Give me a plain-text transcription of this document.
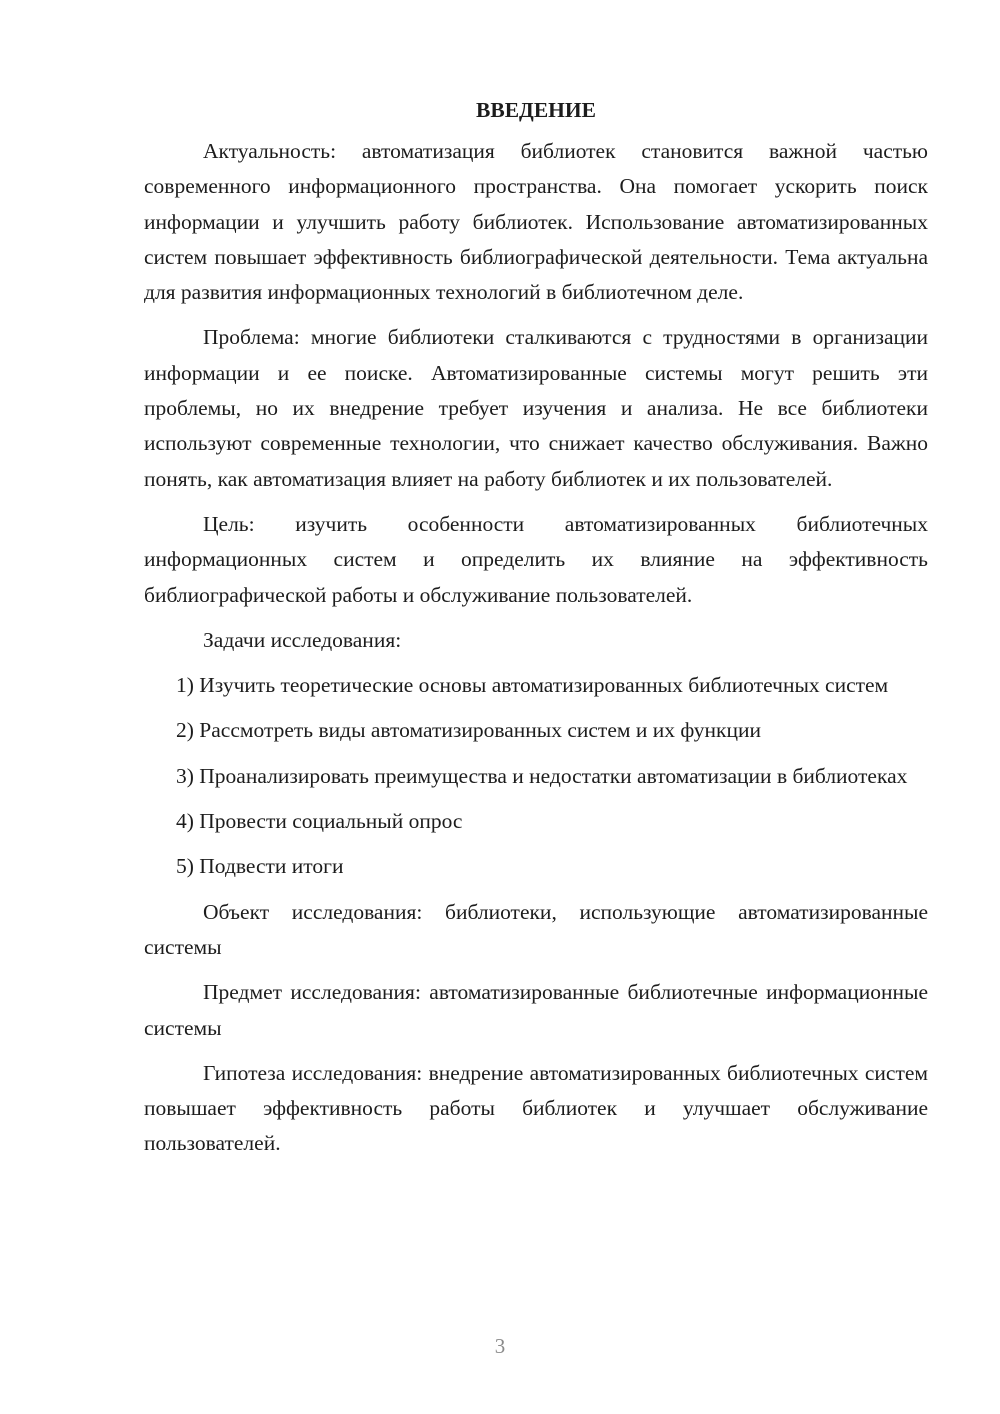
ВВЕДЕНИЕ

Актуальность: автоматизация библиотек становится важной частью современного информационного пространства. Она помогает ускорить поиск информации и улучшить работу библиотек. Использование автоматизированных систем повышает эффективность библиографической деятельности. Тема актуальна для развития информационных технологий в библиотечном деле.

Проблема: многие библиотеки сталкиваются с трудностями в организации информации и ее поиске. Автоматизированные системы могут решить эти проблемы, но их внедрение требует изучения и анализа. Не все библиотеки используют современные технологии, что снижает качество обслуживания. Важно понять, как автоматизация влияет на работу библиотек и их пользователей.

Цель: изучить особенности автоматизированных библиотечных информационных систем и определить их влияние на эффективность библиографической работы и обслуживание пользователей.

Задачи исследования:

1) Изучить теоретические основы автоматизированных библиотечных систем

2) Рассмотреть виды автоматизированных систем и их функции

3) Проанализировать преимущества и недостатки автоматизации в библиотеках

4) Провести социальный опрос

5) Подвести итоги

Объект исследования: библиотеки, использующие автоматизированные системы

Предмет исследования: автоматизированные библиотечные информационные системы

Гипотеза исследования: внедрение автоматизированных библиотечных систем повышает эффективность работы библиотек и улучшает обслуживание пользователей.

3
